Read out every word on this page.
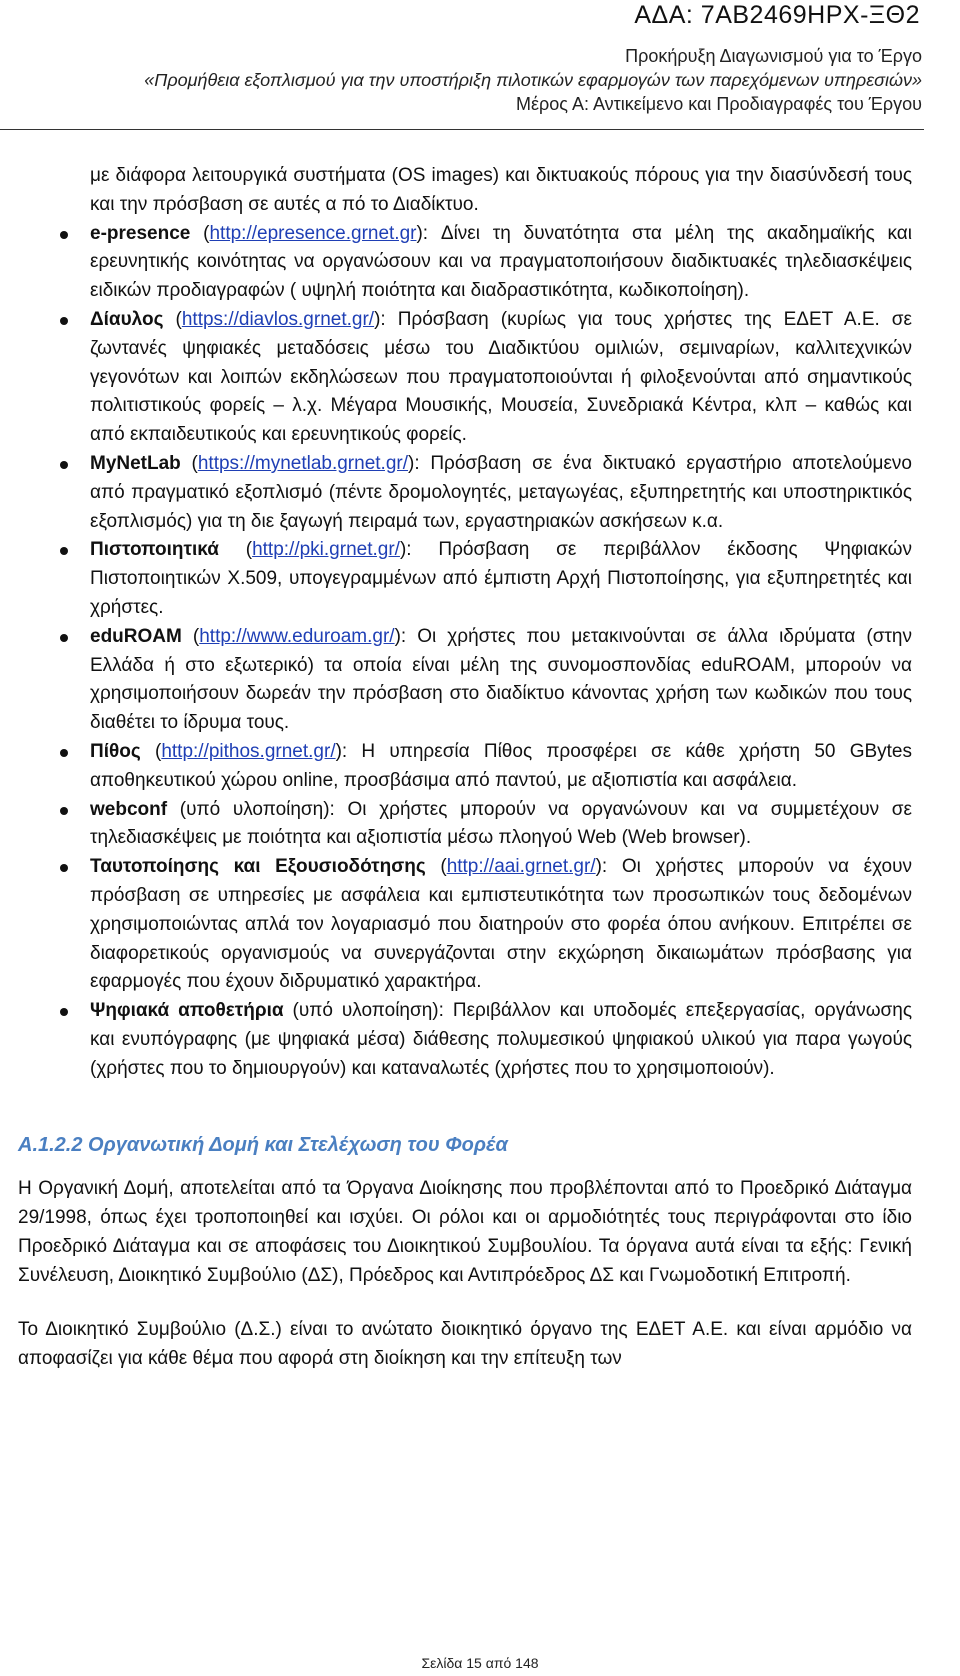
ΑΔΑ: 7ΑΒ2469ΗΡΧ-ΞΘ2
Προκήρυξη Διαγωνισμού για το Έργο
«Προμήθεια εξοπλισμού για την υποστήριξη πιλοτικών εφαρμογών των παρεχόμενων υπηρεσιών»
Μέρος Α: Αντικείμενο και Προδιαγραφές του Έργου
με διάφορα λειτουργικά συστήματα (OS images) και δικτυακούς πόρους για την διασύνδεσή τους και την πρόσβαση σε αυτές α πό το Διαδίκτυο.
e-presence (http://epresence.grnet.gr): Δίνει τη δυνατότητα στα μέλη της ακαδημαϊκής και ερευνητικής κοινότητας να οργανώσουν και να πραγματοποιήσουν διαδικτυακές τηλεδιασκέψεις ειδικών προδιαγραφών ( υψηλή ποιότητα και διαδραστικότητα, κωδικοποίηση).
Δίαυλος (https://diavlos.grnet.gr/): Πρόσβαση (κυρίως για τους χρήστες της ΕΔΕΤ Α.Ε. σε ζωντανές ψηφιακές μεταδόσεις μέσω του Διαδικτύου ομιλιών, σεμιναρίων, καλλιτεχνικών γεγονότων και λοιπών εκδηλώσεων που πραγματοποιούνται ή φιλοξενούνται από σημαντικούς πολιτιστικούς φορείς – λ.χ. Μέγαρα Μουσικής, Μουσεία, Συνεδριακά Κέντρα, κλπ – καθώς και από εκπαιδευτικούς και ερευνητικούς φορείς.
MyNetLab (https://mynetlab.grnet.gr/): Πρόσβαση σε ένα δικτυακό εργαστήριο αποτελούμενο από πραγματικό εξοπλισμό (πέντε δρομολογητές, μεταγωγέας, εξυπηρετητής και υποστηρικτικός εξοπλισμός) για τη διε ξαγωγή πειραμά των, εργαστηριακών ασκήσεων κ.α.
Πιστοποιητικά (http://pki.grnet.gr/): Πρόσβαση σε περιβάλλον έκδοσης Ψηφιακών Πιστοποιητικών Χ.509, υπογεγραμμένων από έμπιστη Αρχή Πιστοποίησης, για εξυπηρετητές και χρήστες.
eduROAM (http://www.eduroam.gr/): Οι χρήστες που μετακινούνται σε άλλα ιδρύματα (στην Ελλάδα ή στο εξωτερικό) τα οποία είναι μέλη της συνομοσπονδίας eduROAM, μπορούν να χρησιμοποιήσουν δωρεάν την πρόσβαση στο διαδίκτυο κάνοντας χρήση των κωδικών που τους διαθέτει το ίδρυμα τους.
Πίθος (http://pithos.grnet.gr/): Η υπηρεσία Πίθος προσφέρει σε κάθε χρήστη 50 GBytes αποθηκευτικού χώρου online, προσβάσιμα από παντού, με αξιοπιστία και ασφάλεια.
webconf (υπό υλοποίηση): Οι χρήστες μπορούν να οργανώνουν και να συμμετέχουν σε τηλεδιασκέψεις με ποιότητα και αξιοπιστία μέσω πλοηγού Web (Web browser).
Ταυτοποίησης και Εξουσιοδότησης (http://aai.grnet.gr/): Οι χρήστες μπορούν να έχουν πρόσβαση σε υπηρεσίες με ασφάλεια και εμπιστευτικότητα των προσωπικών τους δεδομένων χρησιμοποιώντας απλά τον λογαριασμό που διατηρούν στο φορέα όπου ανήκουν. Επιτρέπει σε διαφορετικούς οργανισμούς να συνεργάζονται στην εκχώρηση δικαιωμάτων πρόσβασης για εφαρμογές που έχουν διδρυματικό χαρακτήρα.
Ψηφιακά αποθετήρια (υπό υλοποίηση): Περιβάλλον και υποδομές επεξεργασίας, οργάνωσης και ενυπόγραφης (με ψηφιακά μέσα) διάθεσης πολυμεσικού ψηφιακού υλικού για παρα γωγούς (χρήστες που το δημιουργούν) και καταναλωτές (χρήστες που το χρησιμοποιούν).
Α.1.2.2 Οργανωτική Δομή και Στελέχωση του Φορέα

Η Οργανική Δομή, αποτελείται από τα Όργανα Διοίκησης που προβλέπονται από το Προεδρικό Διάταγμα 29/1998, όπως έχει τροποποιηθεί και ισχύει. Οι ρόλοι και οι αρμοδιότητές τους περιγράφονται στο ίδιο Προεδρικό Διάταγμα και σε αποφάσεις του Διοικητικού Συμβουλίου. Τα όργανα αυτά είναι τα εξής: Γενική Συνέλευση, Διοικητικό Συμβούλιο (ΔΣ), Πρόεδρος και Αντιπρόεδρος ΔΣ και Γνωμοδοτική Επιτροπή.

Το Διοικητικό Συμβούλιο (Δ.Σ.) είναι το ανώτατο διοικητικό όργανο της ΕΔΕΤ Α.Ε. και είναι αρμόδιο να αποφασίζει για κάθε θέμα που αφορά στη διοίκηση και την επίτευξη των

Σελίδα 15 από 148
